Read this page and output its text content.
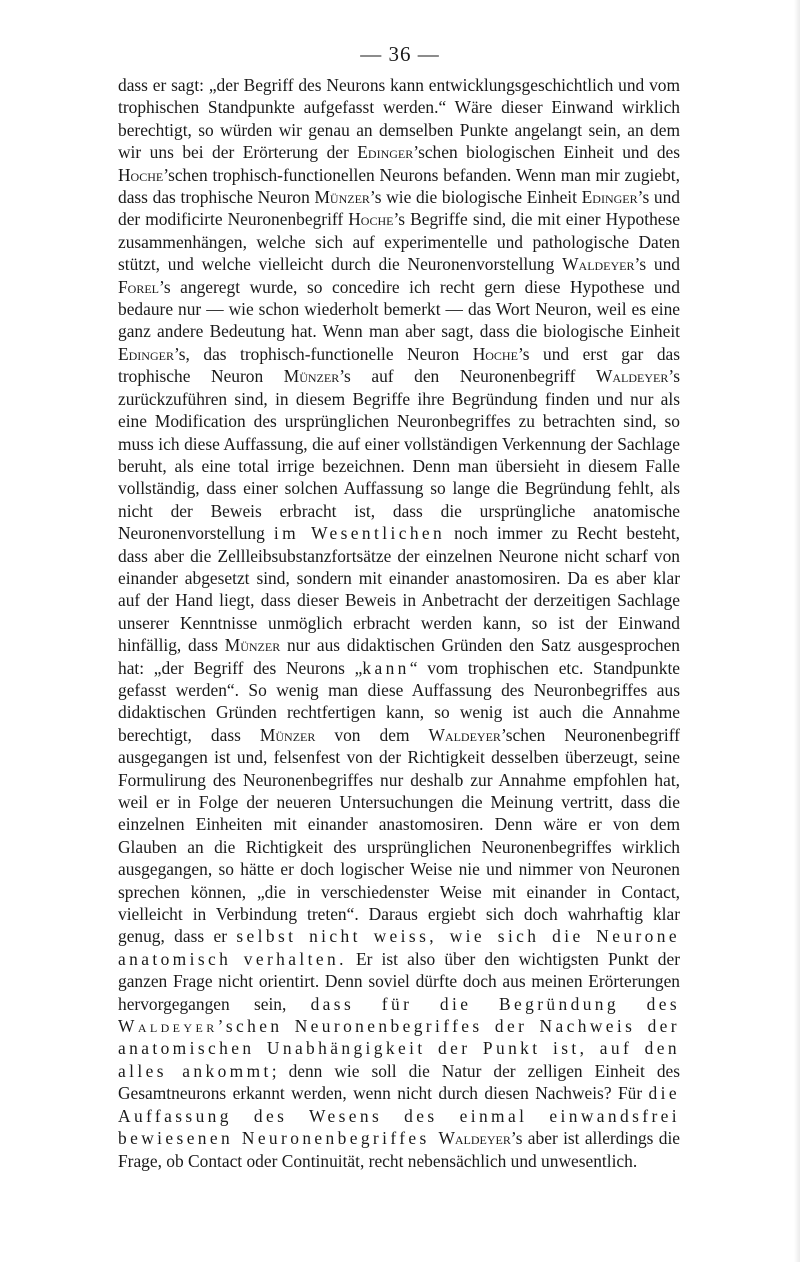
— 36 —

dass er sagt: „der Begriff des Neurons kann entwicklungsgeschichtlich und vom trophischen Standpunkte aufgefasst werden.“ Wäre dieser Einwand wirklich berechtigt, so würden wir genau an demselben Punkte angelangt sein, an dem wir uns bei der Erörterung der Edinger’schen biologischen Einheit und des Hoche’schen trophisch-functionellen Neurons befanden. Wenn man mir zugiebt, dass das trophische Neuron Münzer’s wie die biologische Einheit Edinger’s und der modificirte Neuronenbegriff Hoche’s Begriffe sind, die mit einer Hypothese zusammenhängen, welche sich auf experimentelle und pathologische Daten stützt, und welche vielleicht durch die Neuronenvorstellung Waldeyer’s und Forel’s angeregt wurde, so concedire ich recht gern diese Hypothese und bedaure nur — wie schon wiederholt bemerkt — das Wort Neuron, weil es eine ganz andere Bedeutung hat. Wenn man aber sagt, dass die biologische Einheit Edinger’s, das trophisch-functionelle Neuron Hoche’s und erst gar das trophische Neuron Münzer’s auf den Neuronenbegriff Waldeyer’s zurückzuführen sind, in diesem Begriffe ihre Begründung finden und nur als eine Modification des ursprünglichen Neuronbegriffes zu betrachten sind, so muss ich diese Auffassung, die auf einer vollständigen Verkennung der Sachlage beruht, als eine total irrige bezeichnen. Denn man übersieht in diesem Falle vollständig, dass einer solchen Auffassung so lange die Begründung fehlt, als nicht der Beweis erbracht ist, dass die ursprüngliche anatomische Neuronenvorstellung im Wesentlichen noch immer zu Recht besteht, dass aber die Zellleibsubstanzfortsätze der einzelnen Neurone nicht scharf von einander abgesetzt sind, sondern mit einander anastomosiren. Da es aber klar auf der Hand liegt, dass dieser Beweis in Anbetracht der derzeitigen Sachlage unserer Kenntnisse unmöglich erbracht werden kann, so ist der Einwand hinfällig, dass Münzer nur aus didaktischen Gründen den Satz ausgesprochen hat: „der Begriff des Neurons „kann“ vom trophischen etc. Standpunkte gefasst werden“. So wenig man diese Auffassung des Neuronbegriffes aus didaktischen Gründen rechtfertigen kann, so wenig ist auch die Annahme berechtigt, dass Münzer von dem Waldeyer’schen Neuronenbegriff ausgegangen ist und, felsenfest von der Richtigkeit desselben überzeugt, seine Formulirung des Neuronenbegriffes nur deshalb zur Annahme empfohlen hat, weil er in Folge der neueren Untersuchungen die Meinung vertritt, dass die einzelnen Einheiten mit einander anastomosiren. Denn wäre er von dem Glauben an die Richtigkeit des ursprünglichen Neuronenbegriffes wirklich ausgegangen, so hätte er doch logischer Weise nie und nimmer von Neuronen sprechen können, „die in verschiedenster Weise mit einander in Contact, vielleicht in Verbindung treten“. Daraus ergiebt sich doch wahrhaftig klar genug, dass er selbst nicht weiss, wie sich die Neurone anatomisch verhalten. Er ist also über den wichtigsten Punkt der ganzen Frage nicht orientirt. Denn soviel dürfte doch aus meinen Erörterungen hervorgegangen sein, dass für die Begründung des Waldeyer’schen Neuronenbegriffes der Nachweis der anatomischen Unabhängigkeit der Punkt ist, auf den alles ankommt; denn wie soll die Natur der zelligen Einheit des Gesamtneurons erkannt werden, wenn nicht durch diesen Nachweis? Für die Auffassung des Wesens des einmal einwandsfrei bewiesenen Neuronenbegriffes Waldeyer’s aber ist allerdings die Frage, ob Contact oder Continuität, recht nebensächlich und unwesentlich.
